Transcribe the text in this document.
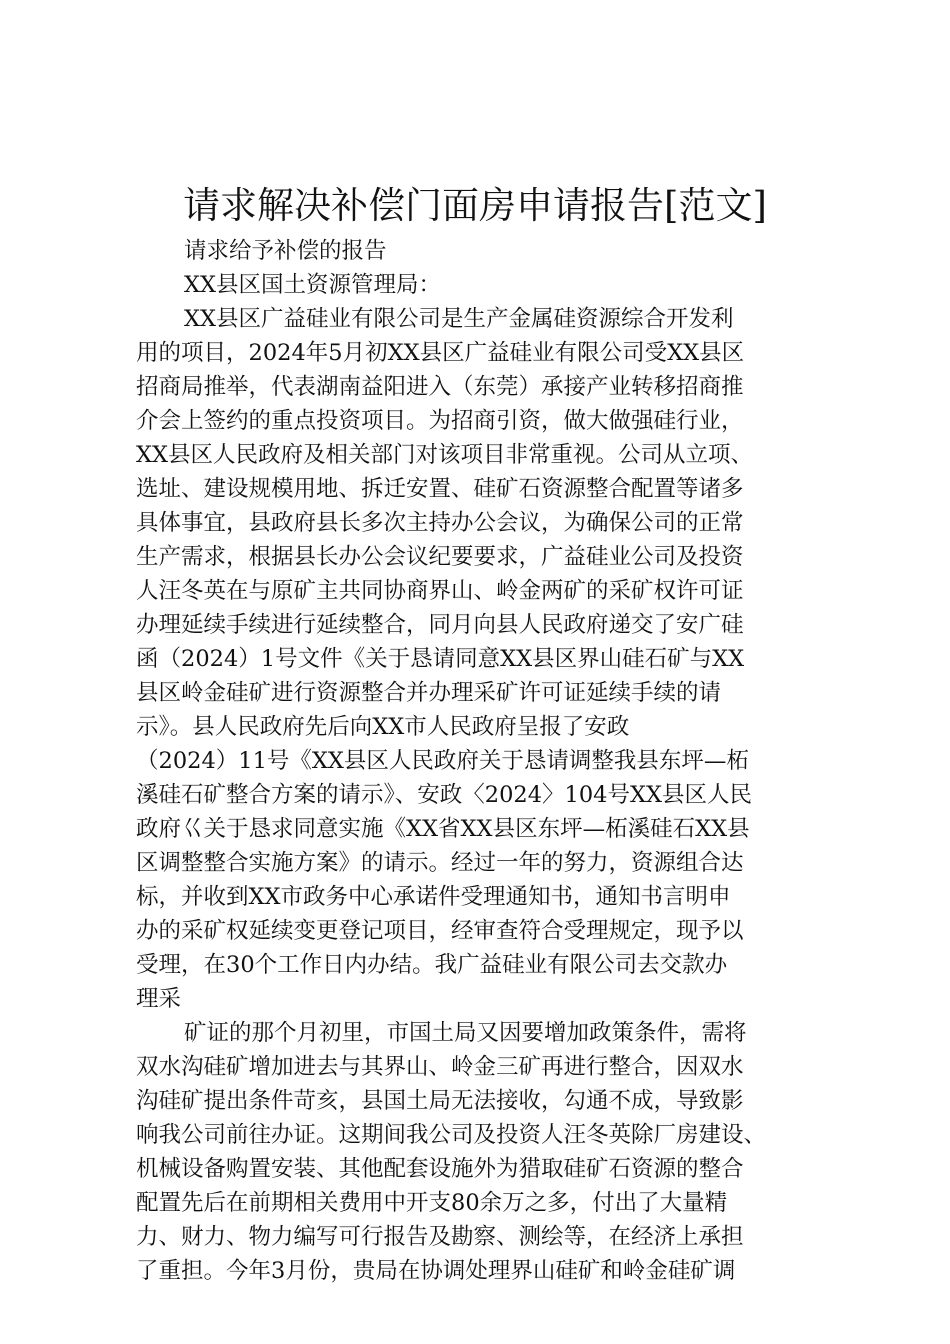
请求解决补偿门面房申请报告[范文]
请求给予补偿的报告
XX县区国土资源管理局：
XX县区广益硅业有限公司是生产金属硅资源综合开发利
用的项目，2024年5月初XX县区广益硅业有限公司受XX县区
招商局推举，代表湖南益阳进入（东莞）承接产业转移招商推
介会上签约的重点投资项目。为招商引资，做大做强硅行业，
XX县区人民政府及相关部门对该项目非常重视。公司从立项、
选址、建设规模用地、拆迁安置、硅矿石资源整合配置等诸多
具体事宜，县政府县长多次主持办公会议，为确保公司的正常
生产需求，根据县长办公会议纪要要求，广益硅业公司及投资
人汪冬英在与原矿主共同协商界山、岭金两矿的采矿权许可证
办理延续手续进行延续整合，同月向县人民政府递交了安广硅
函（2024）1号文件《关于恳请同意XX县区界山硅石矿与XX
县区岭金硅矿进行资源整合并办理采矿许可证延续手续的请
示》。县人民政府先后向XX市人民政府呈报了安政
（2024）11号《XX县区人民政府关于恳请调整我县东坪—柘
溪硅石矿整合方案的请示》、安政〈2024〉104号XX县区人民
政府巜关于恳求同意实施《XX省XX县区东坪—柘溪硅石XX县
区调整整合实施方案》的请示。经过一年的努力，资源组合达
标，并收到XX市政务中心承诺件受理通知书，通知书言明申
办的采矿权延续变更登记项目，经审查符合受理规定，现予以
受理，在30个工作日内办结。我广益硅业有限公司去交款办
理采
矿证的那个月初里，市国土局又因要增加政策条件，需将
双水沟硅矿增加进去与其界山、岭金三矿再进行整合，因双水
沟硅矿提出条件苛亥，县国土局无法接收，勾通不成，导致影
响我公司前往办证。这期间我公司及投资人汪冬英除厂房建设、
机械设备购置安装、其他配套设施外为猎取硅矿石资源的整合
配置先后在前期相关费用中开支80余万之多，付出了大量精
力、财力、物力编写可行报告及勘察、测绘等，在经济上承担
了重担。今年3月份，贵局在协调处理界山硅矿和岭金硅矿调
